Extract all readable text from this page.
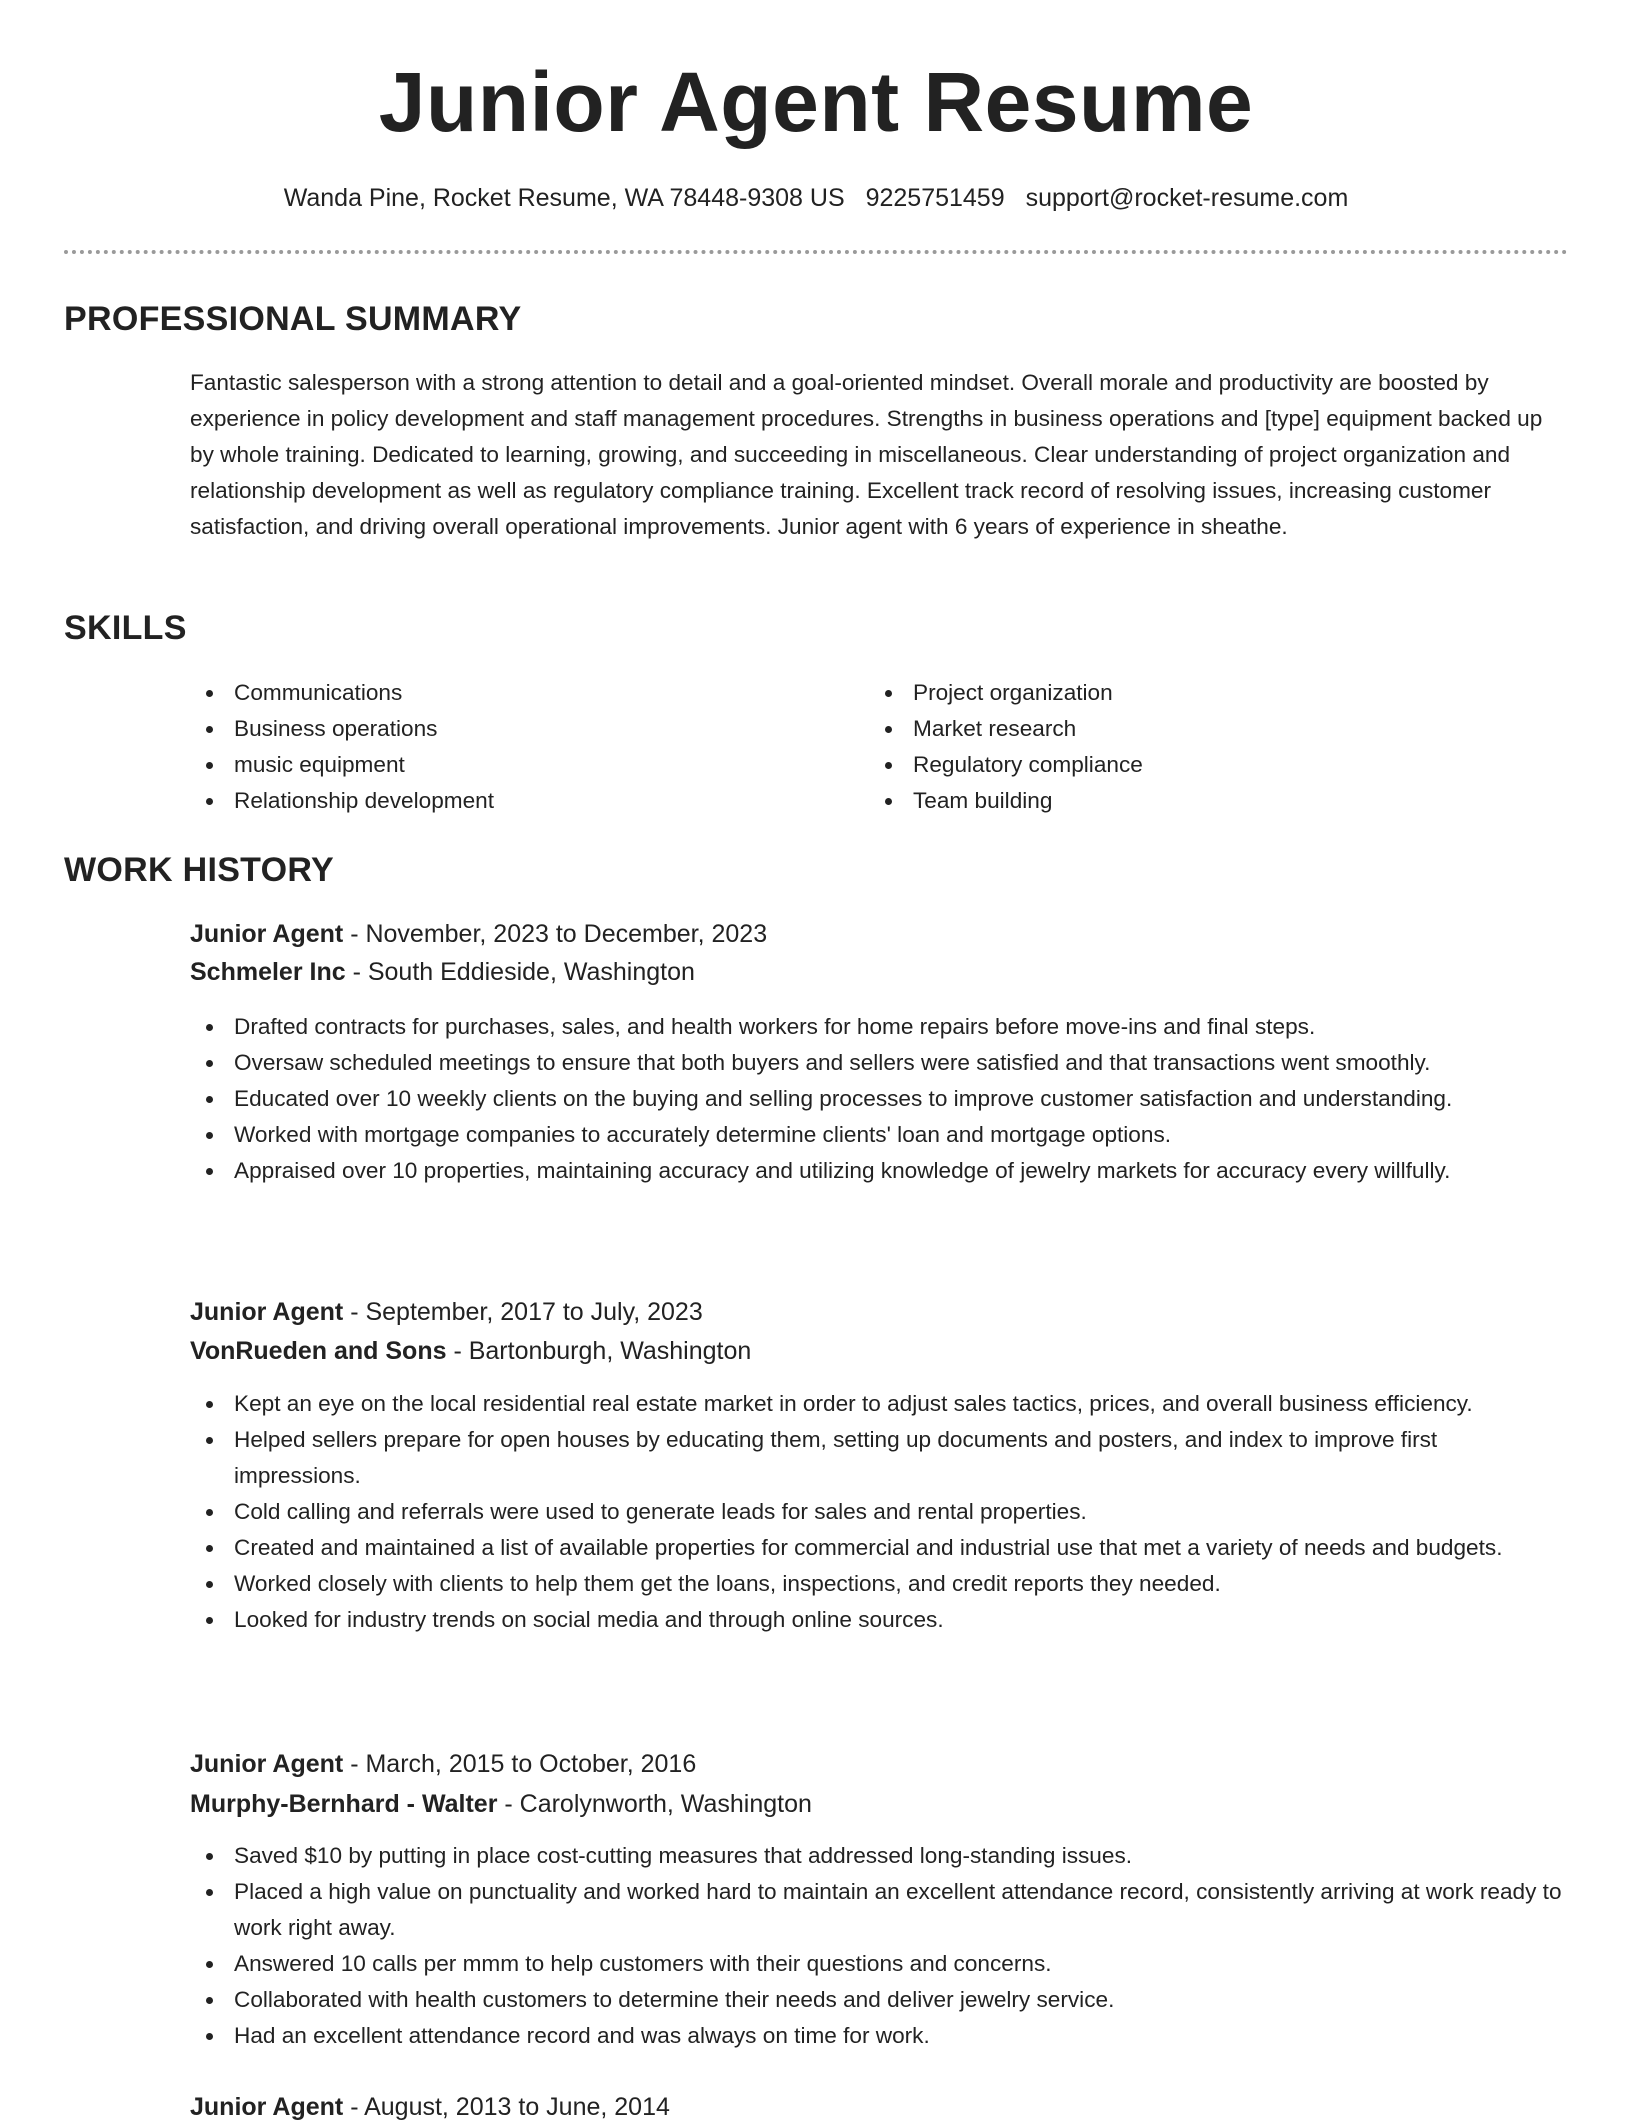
Junior Agent Resume
Wanda Pine, Rocket Resume, WA 78448-9308 US 9225751459 support@rocket-resume.com
PROFESSIONAL SUMMARY

Fantastic salesperson with a strong attention to detail and a goal-oriented mindset. Overall morale and productivity are boosted by experience in policy development and staff management procedures. Strengths in business operations and [type] equipment backed up by whole training. Dedicated to learning, growing, and succeeding in miscellaneous. Clear understanding of project organization and relationship development as well as regulatory compliance training. Excellent track record of resolving issues, increasing customer satisfaction, and driving overall operational improvements. Junior agent with 6 years of experience in sheathe.

SKILLS
Communications
Business operations
music equipment
Relationship development
Project organization
Market research
Regulatory compliance
Team building
WORK HISTORY
Junior Agent - November, 2023 to December, 2023
Schmeler Inc - South Eddieside, Washington
Drafted contracts for purchases, sales, and health workers for home repairs before move-ins and final steps.
Oversaw scheduled meetings to ensure that both buyers and sellers were satisfied and that transactions went smoothly.
Educated over 10 weekly clients on the buying and selling processes to improve customer satisfaction and understanding.
Worked with mortgage companies to accurately determine clients' loan and mortgage options.
Appraised over 10 properties, maintaining accuracy and utilizing knowledge of jewelry markets for accuracy every willfully.
Junior Agent - September, 2017 to July, 2023
VonRueden and Sons - Bartonburgh, Washington
Kept an eye on the local residential real estate market in order to adjust sales tactics, prices, and overall business efficiency.
Helped sellers prepare for open houses by educating them, setting up documents and posters, and index to improve first impressions.
Cold calling and referrals were used to generate leads for sales and rental properties.
Created and maintained a list of available properties for commercial and industrial use that met a variety of needs and budgets.
Worked closely with clients to help them get the loans, inspections, and credit reports they needed.
Looked for industry trends on social media and through online sources.
Junior Agent - March, 2015 to October, 2016
Murphy-Bernhard - Walter - Carolynworth, Washington
Saved $10 by putting in place cost-cutting measures that addressed long-standing issues.
Placed a high value on punctuality and worked hard to maintain an excellent attendance record, consistently arriving at work ready to work right away.
Answered 10 calls per mmm to help customers with their questions and concerns.
Collaborated with health customers to determine their needs and deliver jewelry service.
Had an excellent attendance record and was always on time for work.
Junior Agent - August, 2013 to June, 2014
